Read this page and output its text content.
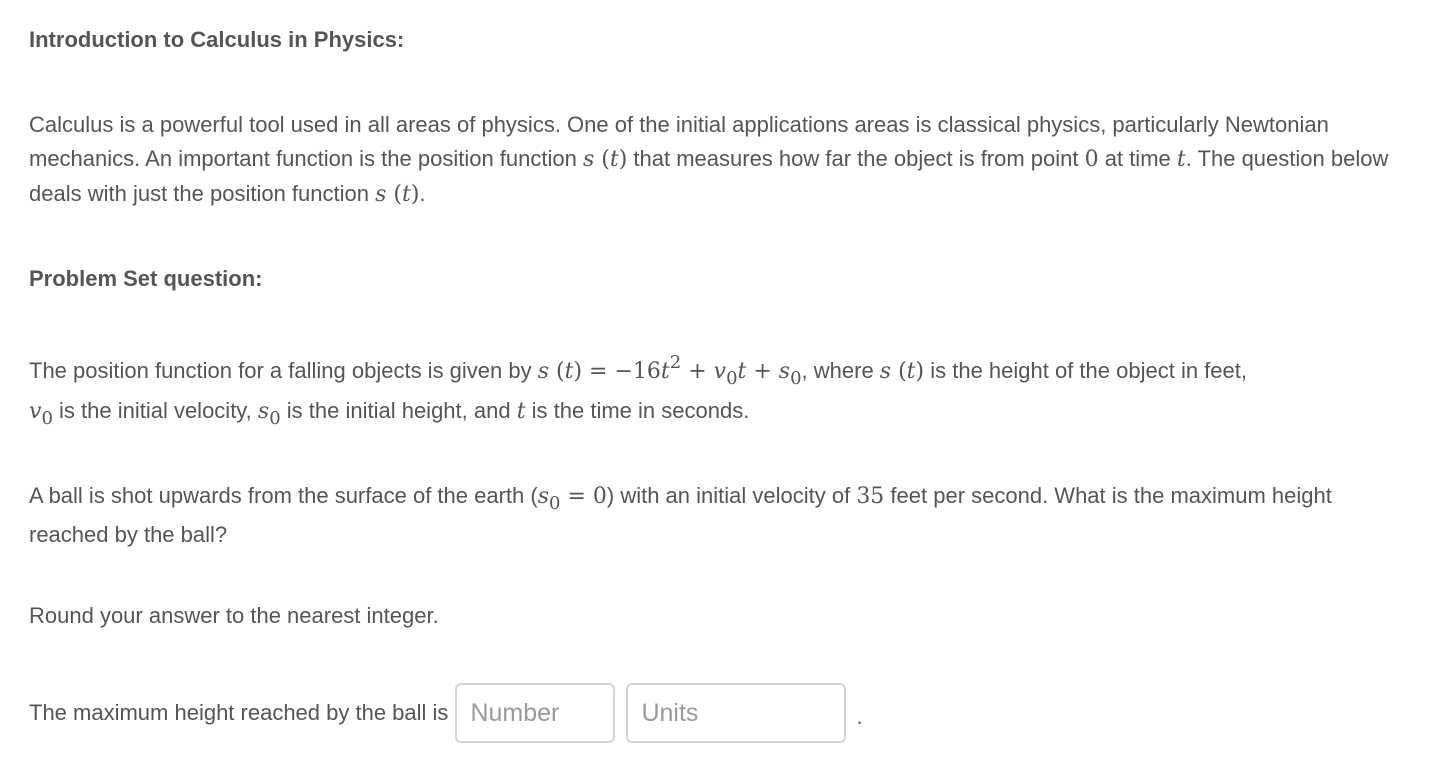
Introduction to Calculus in Physics:
Calculus is a powerful tool used in all areas of physics. One of the initial applications areas is classical physics, particularly Newtonian mechanics. An important function is the position function s (t) that measures how far the object is from point 0 at time t. The question below deals with just the position function s (t).
Problem Set question:
The position function for a falling objects is given by s $(t) = -16t^2 + v_0t + s_0$, where s (t) is the height of the object in feet,
$v_0$ is the initial velocity, $s_0$ is the initial height, and t is the time in seconds.
A ball is shot upwards from the surface of the earth $(s_0 = 0)$ with an initial velocity of 35 feet per second. What is the maximum height reached by the ball?
Round your answer to the nearest integer.
The maximum height reached by the ball is
Number
Units	.
